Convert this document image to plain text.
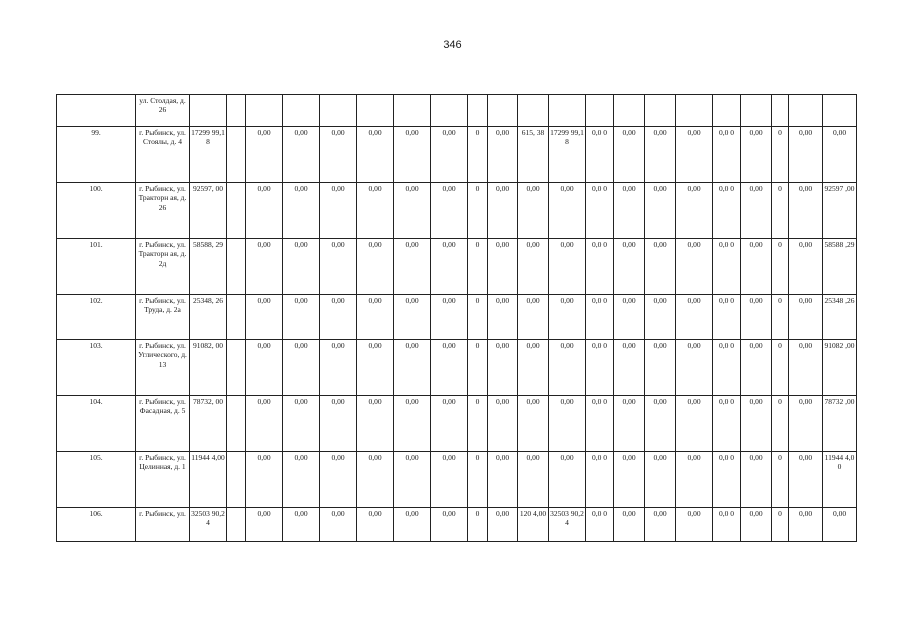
346
	ул. Столдая, д. 26																					
99.	г. Рыбинск, ул. Стоялы, д. 4	17299 99,18		0,00	0,00	0,00	0,00	0,00	0,00	0	0,00	615, 38	17299 99,18	0,0 0	0,00	0,00	0,00	0,0 0	0,00	0	0,00	0,00
100.	г. Рыбинск, ул. Тракторн ая, д. 26	92597, 00		0,00	0,00	0,00	0,00	0,00	0,00	0	0,00	0,00	0,00	0,0 0	0,00	0,00	0,00	0,0 0	0,00	0	0,00	92597 ,00
101.	г. Рыбинск, ул. Тракторн ая, д. 2д	58588, 29		0,00	0,00	0,00	0,00	0,00	0,00	0	0,00	0,00	0,00	0,0 0	0,00	0,00	0,00	0,0 0	0,00	0	0,00	58588 ,29
102.	г. Рыбинск, ул. Труда, д. 2а	25348, 26		0,00	0,00	0,00	0,00	0,00	0,00	0	0,00	0,00	0,00	0,0 0	0,00	0,00	0,00	0,0 0	0,00	0	0,00	25348 ,26
103.	г. Рыбинск, ул. Углического, д. 13	91082, 00		0,00	0,00	0,00	0,00	0,00	0,00	0	0,00	0,00	0,00	0,0 0	0,00	0,00	0,00	0,0 0	0,00	0	0,00	91082 ,00
104.	г. Рыбинск, ул. Фасадная, д. 5	78732, 00		0,00	0,00	0,00	0,00	0,00	0,00	0	0,00	0,00	0,00	0,0 0	0,00	0,00	0,00	0,0 0	0,00	0	0,00	78732 ,00
105.	г. Рыбинск, ул. Целинная, д. 1	11944 4,00		0,00	0,00	0,00	0,00	0,00	0,00	0	0,00	0,00	0,00	0,0 0	0,00	0,00	0,00	0,0 0	0,00	0	0,00	11944 4,00
106.	г. Рыбинск, ул.	32503 90,24		0,00	0,00	0,00	0,00	0,00	0,00	0	0,00	120 4,00	32503 90,24	0,0 0	0,00	0,00	0,00	0,0 0	0,00	0	0,00	0,00
